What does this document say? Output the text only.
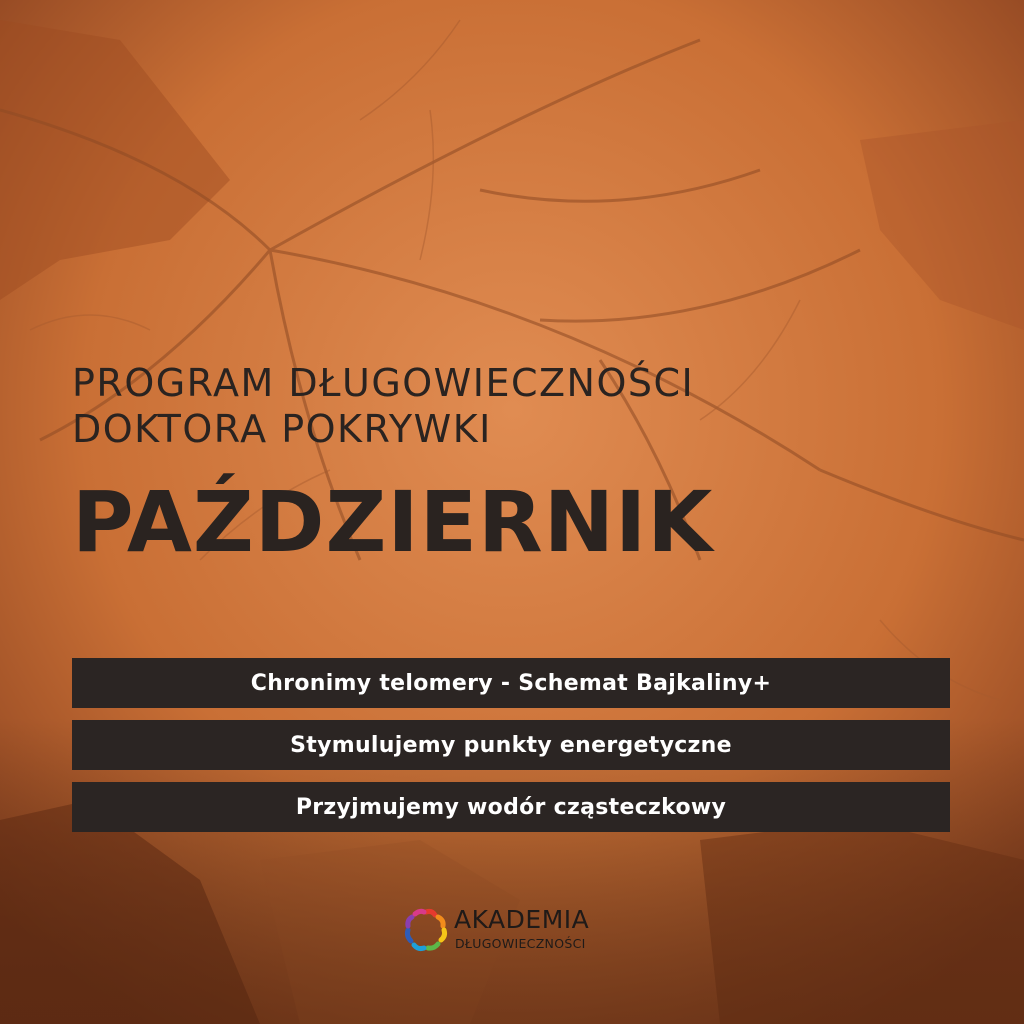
PROGRAM DŁUGOWIECZNOŚCI
DOKTORA POKRYWKI
PAŹDZIERNIK
Chronimy telomery - Schemat Bajkaliny+
Stymulujemy punkty energetyczne
Przyjmujemy wodór cząsteczkowy
AKADEMIA
DŁUGOWIECZNOŚCI
